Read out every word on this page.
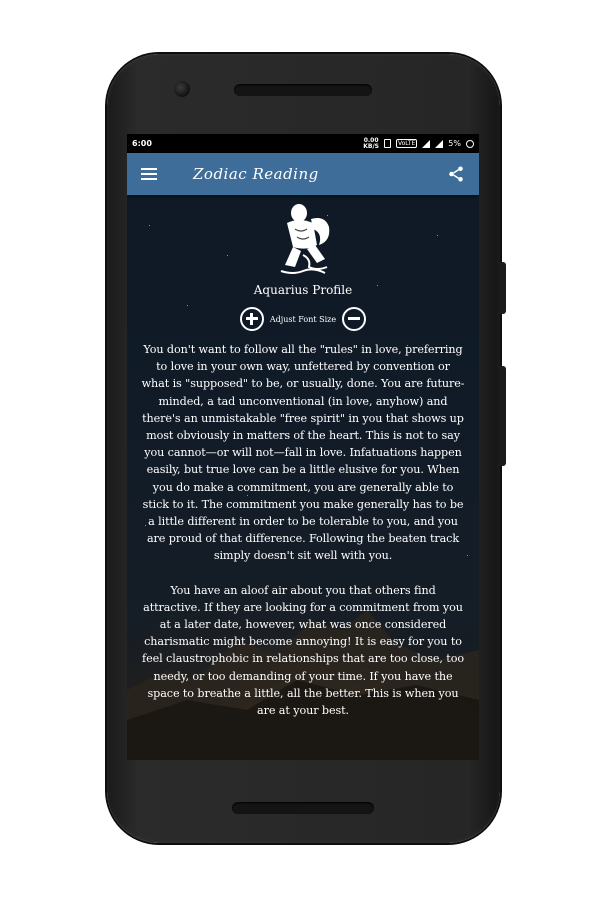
6:00	0.00
KB/S	VoLTE	5%
Zodiac Reading
Aquarius Profile
Adjust Font Size

You don't want to follow all the "rules" in love, preferring to love in your own way, unfettered by convention or what is "supposed" to be, or usually, done. You are future-minded, a tad unconventional (in love, anyhow) and there's an unmistakable "free spirit" in you that shows up most obviously in matters of the heart. This is not to say you cannot—or will not—fall in love. Infatuations happen easily, but true love can be a little elusive for you. When you do make a commitment, you are generally able to stick to it. The commitment you make generally has to be a little different in order to be tolerable to you, and you are proud of that difference. Following the beaten track simply doesn't sit well with you.

You have an aloof air about you that others find attractive. If they are looking for a commitment from you at a later date, however, what was once considered charismatic might become annoying! It is easy for you to feel claustrophobic in relationships that are too close, too needy, or too demanding of your time. If you have the space to breathe a little, all the better. This is when you are at your best.
